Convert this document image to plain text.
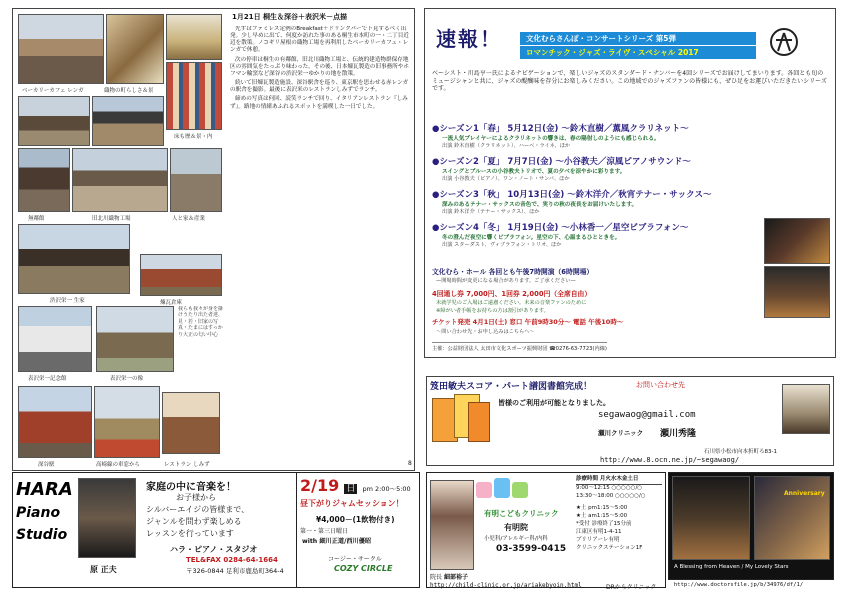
ベーカリーカフェ レンガ	織物の町らしさ＆景
床も歴＆景・内
無鄰館	旧北川織物工場	人と家＆産業
渋沢栄一 生家	煉瓦倉庫
我らも我々が身を掛けうたり出た者達、見・若・旧家の写真・たまにはすっかり大正の匂い中心
表沢栄一記念館	表沢栄一の像
深谷駅	高崎線の車窓から	レストラン しみず
1月21日 桐生＆深谷＋表沢米－点描

先ずはファミレス定例のBreakfast＋ドリンクバーで下見するべく出発。少し早めに出て、何度か訪れた事のある桐生市本町の一・二丁目近辺を散策。ノコギリ屋根の織物工場を再利用したベーカリーカフェ・レンガで休憩。

次の停車は桐生の有鄰館、旧北川織物工場と、伝統的建造物群保存地区の雰囲気をたっぷり味わった。その後、日本煉瓦製造の旧事務所やホフマン輪窯など深谷の渋沢栄一ゆかりの地を散策。

続いて旧煉瓦製造施設、深谷駅舎を巡り、東京駅を思わせる赤レンガの駅舎を撮影。最後に表沢米のレストランしみずでランチ。

締めの写真は何回、読笑ランチで回り、イタリアンレストラン『しみず』。路地の情緒あふれるスポットを満喫した一日でした。

8
速報！	文化むらさんぽ・コンサートシリーズ 第5弾
ロマンチック・ジャズ・ライヴ・スペシャル 2017
ベーシスト・川島亨一氏によるナビゲーションで、楽しいジャズのスタンダード・ナンバーを4回シリーズでお届けしてまいります。各回とも旬のミュージシャンと共に、ジャズの醍醐味を存分にお楽しみください。この地域でのジャズファンの皆様にも、ぜひ足をお運びいただきたいシリーズです。
●シーズン1「春」 5月12日(金) ～鈴木直樹／薫風クラリネット～
一流人気プレイヤーによるクラリネットの響きは、春の陽射しのようにも感じられる。
出演 鈴木直樹（クラリネット）、ハーベ・ライネ、ほか
●シーズン2「夏」 7月7日(金) ～小谷教夫／涼風ピアノサウンド～
スイングとブルースの小谷教夫トリオで、夏の夕べを涼やかに彩ります。
出演 小谷教夫（ピアノ）、ワン・ノート・サンバ、ほか
●シーズン3「秋」 10月13日(金) ～鈴木洋介／秋宵テナー・サックス～
深みのあるテナー・サックスの音色で、実りの秋の夜長をお届けいたします。
出演 鈴木洋介（テナー・サックス）、ほか
●シーズン4「冬」 1月19日(金) ～小林香一／星空ビブラフォン～
冬の澄んだ夜空に響くビブラフォン。星空の下、心温まるひとときを。
出演 スターダスト、ヴィブラフォン・トリオ、ほか
文化むら・ホール 各回とも午後7時開演（6時開場）
—開場時間が変更になる場合があります。ご了承ください—
4回通し券 7,000円、1回券 2,000円（全席自由）
未就学児のご入場はご遠慮ください。未来の音楽ファンのために
※障がい者手帳をお持ちの方は割引があります。
チケット発売 4月1日(土) 窓口 午前9時30分～ 電話 午後10時～
～問い合わせ先・お申し込みはこちらへ～
主催：公益財団法人 太田市文化スポーツ振興財団 ☎0276-63-7723(内線)
笈田敏夫スコア・パート譜図書館完成！	お問い合わせ先
皆様のご利用が可能となりました。
segawaog@gmail.com
瀬川クリニック 瀬川秀隆
石川県小松市向本折町ろ83-1
http://www.8.ocn.ne.jp/~segawaog/
HARA
Piano
Studio
原 正夫
家庭の中に音楽を！
お子様から
シルバーエイジの皆様まで、
ジャンルを問わず楽しめる
レッスンを行っています
ハラ・ピアノ・スタジオ
TEL&FAX 0284-64-1664
〒326-0844 足利市鹿島町364-4
2/19 日 pm 2:00～5:00
昼下がりジャムセッション！
¥4,000－(1飲物付き)
第一・第三日曜日
with 細川正道/西川優昭
コージー・サークル
COZY CIRCLE
有明こどもクリニック
有明院
小児科/アレルギー科/内科
03-3599-0415
院長 細部裕子
診療時間 月火水木金土日
9:00～12:15 ○○○○○/○
13:30～18:00 ○○○○○/○
★土 pm1:15～5:00
★土 am1:15～5:00
*受付 診療終了15分前
江東区有明1-4-11
ブリリアーレ有明
クリニックステーション1F
http://child-clinic.or.jp/ariakebyoin.html	DRからクリニック	http://www.doctorsfile.jp/b/34976/df/1/
Anniversary
A Blessing from Heaven / My Lovely Stars
